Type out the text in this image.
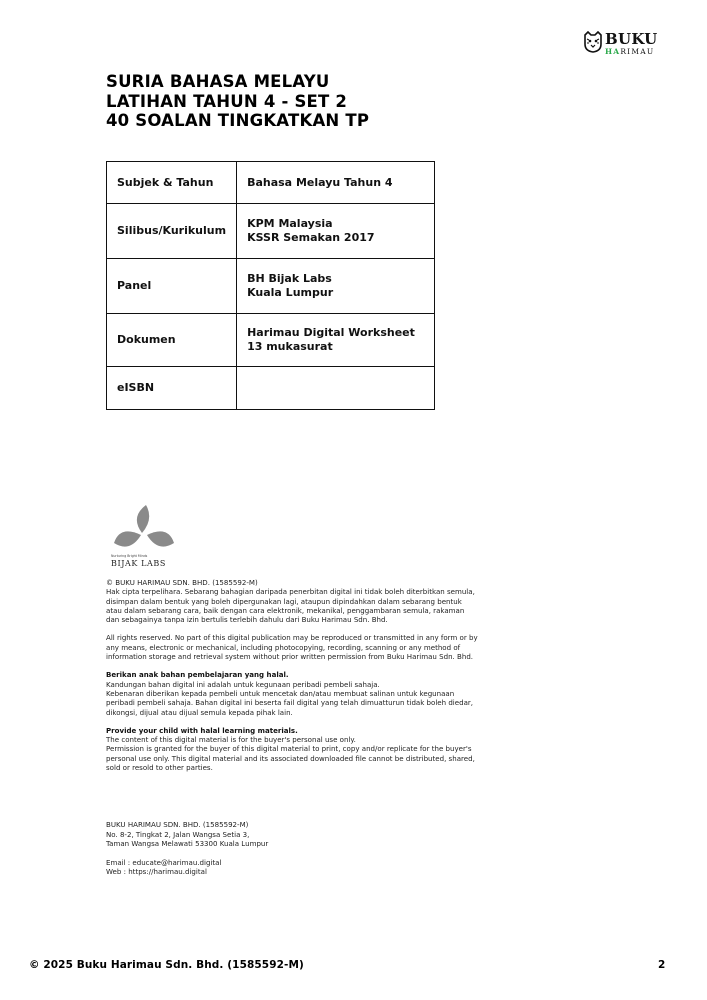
BUKU
HARIMAU

SURIA BAHASA MELAYU

LATIHAN TAHUN 4 - SET 2

40 SOALAN TINGKATKAN TP

Subjek & Tahun	Bahasa Melayu Tahun 4

Silibus/Kurikulum	KPM Malaysia
KSSR Semakan 2017

Panel	BH Bijak Labs
Kuala Lumpur

Dokumen	Harimau Digital Worksheet
13 mukasurat

eISBN	
Nurturing Bright Minds
BIJAK LABS

© BUKU HARIMAU SDN. BHD. (1585592-M)

Hak cipta terpelihara. Sebarang bahagian daripada penerbitan digital ini tidak boleh diterbitkan semula,

disimpan dalam bentuk yang boleh dipergunakan lagi, ataupun dipindahkan dalam sebarang bentuk

atau dalam sebarang cara, baik dengan cara elektronik, mekanikal, penggambaran semula, rakaman

dan sebagainya tanpa izin bertulis terlebih dahulu dari Buku Harimau Sdn. Bhd.

All rights reserved. No part of this digital publication may be reproduced or transmitted in any form or by

any means, electronic or mechanical, including photocopying, recording, scanning or any method of

information storage and retrieval system without prior written permission from Buku Harimau Sdn. Bhd.

Berikan anak bahan pembelajaran yang halal.

Kandungan bahan digital ini adalah untuk kegunaan peribadi pembeli sahaja.

Kebenaran diberikan kepada pembeli untuk mencetak dan/atau membuat salinan untuk kegunaan

peribadi pembeli sahaja. Bahan digital ini beserta fail digital yang telah dimuatturun tidak boleh diedar,

dikongsi, dijual atau dijual semula kepada pihak lain.

Provide your child with halal learning materials.

The content of this digital material is for the buyer's personal use only.

Permission is granted for the buyer of this digital material to print, copy and/or replicate for the buyer's

personal use only. This digital material and its associated downloaded file cannot be distributed, shared,

sold or resold to other parties.

BUKU HARIMAU SDN. BHD. (1585592-M)

No. 8-2, Tingkat 2, Jalan Wangsa Setia 3,

Taman Wangsa Melawati 53300 Kuala Lumpur

Email : educate@harimau.digital

Web : https://harimau.digital

© 2025 Buku Harimau Sdn. Bhd. (1585592-M)	2
